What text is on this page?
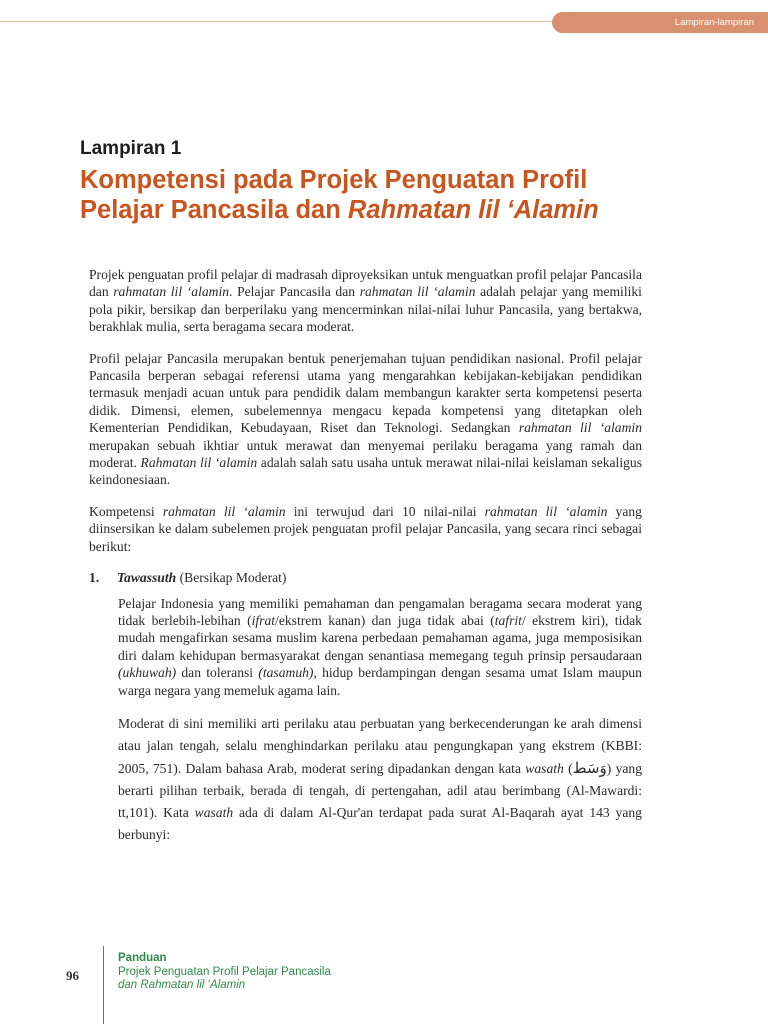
Lampiran-lampiran
Lampiran 1
Kompetensi pada Projek Penguatan Profil
Pelajar Pancasila dan Rahmatan lil ‘Alamin

Projek penguatan profil pelajar di madrasah diproyeksikan untuk menguatkan profil pelajar Pancasila dan rahmatan lil ‘alamin. Pelajar Pancasila dan rahmatan lil ‘alamin adalah pelajar yang memiliki pola pikir, bersikap dan berperilaku yang mencerminkan nilai-nilai luhur Pancasila, yang bertakwa, berakhlak mulia, serta beragama secara moderat.

Profil pelajar Pancasila merupakan bentuk penerjemahan tujuan pendidikan nasional. Profil pelajar Pancasila berperan sebagai referensi utama yang mengarahkan kebijakan-kebijakan pendidikan termasuk menjadi acuan untuk para pendidik dalam membangun karakter serta kompetensi peserta didik. Dimensi, elemen, subelemennya mengacu kepada kompetensi yang ditetapkan oleh Kementerian Pendidikan, Kebudayaan, Riset dan Teknologi. Sedangkan rahmatan lil ‘alamin merupakan sebuah ikhtiar untuk merawat dan menyemai perilaku beragama yang ramah dan moderat. Rahmatan lil ‘alamin adalah salah satu usaha untuk merawat nilai-nilai keislaman sekaligus keindonesiaan.

Kompetensi rahmatan lil ‘alamin ini terwujud dari 10 nilai-nilai rahmatan lil ‘alamin yang diinsersikan ke dalam subelemen projek penguatan profil pelajar Pancasila, yang secara rinci sebagai berikut:

1.	Tawassuth (Bersikap Moderat)

Pelajar Indonesia yang memiliki pemahaman dan pengamalan beragama secara moderat yang tidak berlebih-lebihan (ifrat/ekstrem kanan) dan juga tidak abai (tafrit/ ekstrem kiri), tidak mudah mengafirkan sesama muslim karena perbedaan pemahaman agama, juga memposisikan diri dalam kehidupan bermasyarakat dengan senantiasa memegang teguh prinsip persaudaraan (ukhuwah) dan toleransi (tasamuh), hidup berdampingan dengan sesama umat Islam maupun warga negara yang memeluk agama lain.

Moderat di sini memiliki arti perilaku atau perbuatan yang berkecenderungan ke arah dimensi atau jalan tengah, selalu menghindarkan perilaku atau pengungkapan yang ekstrem (KBBI: 2005, 751). Dalam bahasa Arab, moderat sering dipadankan dengan kata wasath (وَسَط) yang berarti pilihan terbaik, berada di tengah, di pertengahan, adil atau berimbang (Al-Mawardi: tt,101). Kata wasath ada di dalam Al-Qur'an terdapat pada surat Al-Baqarah ayat 143 yang berbunyi:

96
Panduan
Projek Penguatan Profil Pelajar Pancasila
dan Rahmatan lil ‘Alamin
